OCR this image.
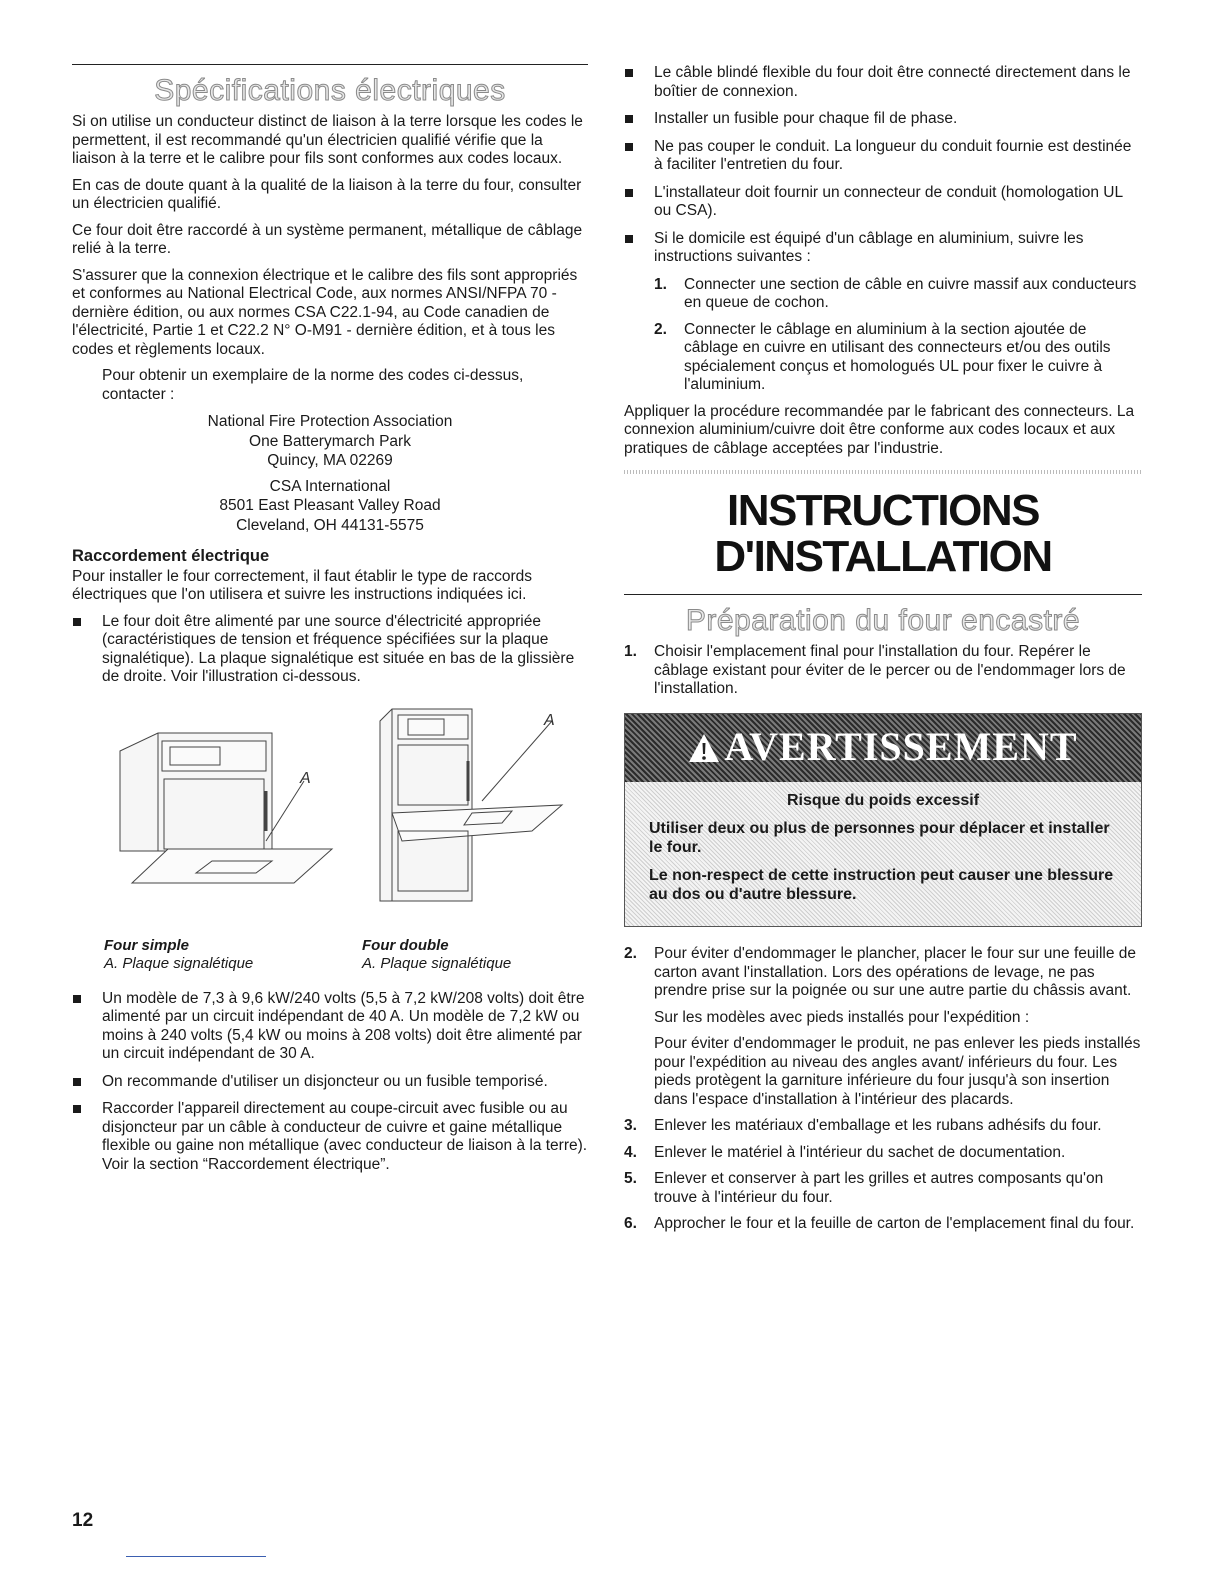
Spécifications électriques

Si on utilise un conducteur distinct de liaison à la terre lorsque les codes le permettent, il est recommandé qu'un électricien qualifié vérifie que la liaison à la terre et le calibre pour fils sont conformes aux codes locaux.

En cas de doute quant à la qualité de la liaison à la terre du four, consulter un électricien qualifié.

Ce four doit être raccordé à un système permanent, métallique de câblage relié à la terre.

S'assurer que la connexion électrique et le calibre des fils sont appropriés et conformes au National Electrical Code, aux normes ANSI/NFPA 70 - dernière édition, ou aux normes CSA C22.1-94, au Code canadien de l'électricité, Partie 1 et C22.2 N° O-M91 - dernière édition, et à tous les codes et règlements locaux.

Pour obtenir un exemplaire de la norme des codes ci-dessus, contacter :

National Fire Protection Association
One Batterymarch Park
Quincy, MA 02269
CSA International
8501 East Pleasant Valley Road
Cleveland, OH 44131-5575
Raccordement électrique

Pour installer le four correctement, il faut établir le type de raccords électriques que l'on utilisera et suivre les instructions indiquées ici.

Le four doit être alimenté par une source d'électricité appropriée (caractéristiques de tension et fréquence spécifiées sur la plaque signalétique). La plaque signalétique est située en bas de la glissière de droite. Voir l'illustration ci-dessous.
A
A
Four simple
A. Plaque signalétique
Four double
A. Plaque signalétique
Un modèle de 7,3 à 9,6 kW/240 volts (5,5 à 7,2 kW/208 volts) doit être alimenté par un circuit indépendant de 40 A. Un modèle de 7,2 kW ou moins à 240 volts (5,4 kW ou moins à 208 volts) doit être alimenté par un circuit indépendant de 30 A.
On recommande d'utiliser un disjoncteur ou un fusible temporisé.
Raccorder l'appareil directement au coupe-circuit avec fusible ou au disjoncteur par un câble à conducteur de cuivre et gaine métallique flexible ou gaine non métallique (avec conducteur de liaison à la terre). Voir la section “Raccordement électrique”.
Le câble blindé flexible du four doit être connecté directement dans le boîtier de connexion.
Installer un fusible pour chaque fil de phase.
Ne pas couper le conduit. La longueur du conduit fournie est destinée à faciliter l'entretien du four.
L'installateur doit fournir un connecteur de conduit (homologation UL ou CSA).
Si le domicile est équipé d'un câblage en aluminium, suivre les instructions suivantes :
1. Connecter une section de câble en cuivre massif aux conducteurs en queue de cochon.
2. Connecter le câblage en aluminium à la section ajoutée de câblage en cuivre en utilisant des connecteurs et/ou des outils spécialement conçus et homologués UL pour fixer le cuivre à l'aluminium.

Appliquer la procédure recommandée par le fabricant des connecteurs. La connexion aluminium/cuivre doit être conforme aux codes locaux et aux pratiques de câblage acceptées par l'industrie.

INSTRUCTIONS
D'INSTALLATION
Préparation du four encastré
1. Choisir l'emplacement final pour l'installation du four. Repérer le câblage existant pour éviter de le percer ou de l'endommager lors de l'installation.
AVERTISSEMENT
Risque du poids excessif

Utiliser deux ou plus de personnes pour déplacer et installer le four.

Le non-respect de cette instruction peut causer une blessure au dos ou d'autre blessure.

2. Pour éviter d'endommager le plancher, placer le four sur une feuille de carton avant l'installation. Lors des opérations de levage, ne pas prendre prise sur la poignée ou sur une autre partie du châssis avant.

Sur les modèles avec pieds installés pour l'expédition :

Pour éviter d'endommager le produit, ne pas enlever les pieds installés pour l'expédition au niveau des angles avant/ inférieurs du four. Les pieds protègent la garniture inférieure du four jusqu'à son insertion dans l'espace d'installation à l'intérieur des placards.

3. Enlever les matériaux d'emballage et les rubans adhésifs du four.
4. Enlever le matériel à l'intérieur du sachet de documentation.
5. Enlever et conserver à part les grilles et autres composants qu'on trouve à l'intérieur du four.
6. Approcher le four et la feuille de carton de l'emplacement final du four.
12
